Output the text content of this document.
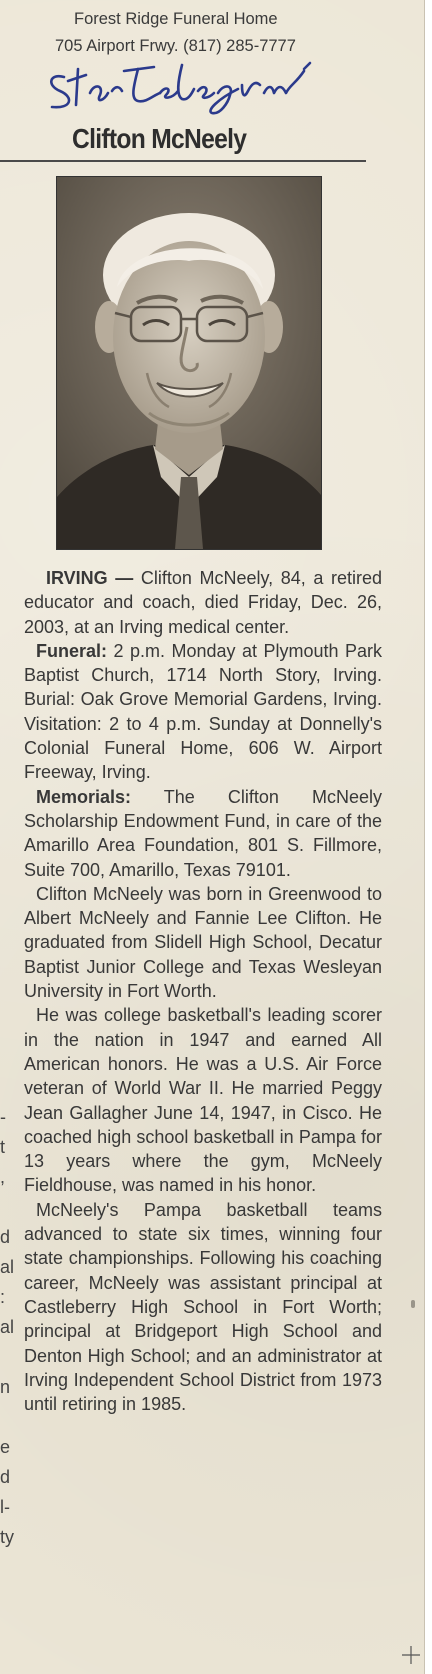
Forest Ridge Funeral Home
705 Airport Frwy. (817) 285-7777
Clifton McNeely

IRVING — Clifton McNeely, 84, a retired educator and coach, died Friday, Dec. 26, 2003, at an Irving medical center.

Funeral: 2 p.m. Monday at Plymouth Park Baptist Church, 1714 North Story, Irving. Burial: Oak Grove Memorial Gardens, Irving. Visitation: 2 to 4 p.m. Sunday at Donnelly's Colonial Funeral Home, 606 W. Airport Freeway, Irving.

Memorials: The Clifton McNeely Scholarship Endowment Fund, in care of the Amarillo Area Foundation, 801 S. Fillmore, Suite 700, Amarillo, Texas 79101.

Clifton McNeely was born in Greenwood to Albert McNeely and Fannie Lee Clifton. He graduated from Slidell High School, Decatur Baptist Junior College and Texas Wesleyan University in Fort Worth.

He was college basketball's leading scorer in the nation in 1947 and earned All American honors. He was a U.S. Air Force veteran of World War II. He married Peggy Jean Gallagher June 14, 1947, in Cisco. He coached high school basketball in Pampa for 13 years where the gym, McNeely Fieldhouse, was named in his honor.

McNeely's Pampa basketball teams advanced to state six times, winning four state championships. Following his coaching career, McNeely was assistant principal at Castleberry High School in Fort Worth; principal at Bridgeport High School and Denton High School; and an administrator at Irving Independent School District from 1973 until retiring in 1985.

-
t
,

d
al
:
al

n

e
d
l-
ty
